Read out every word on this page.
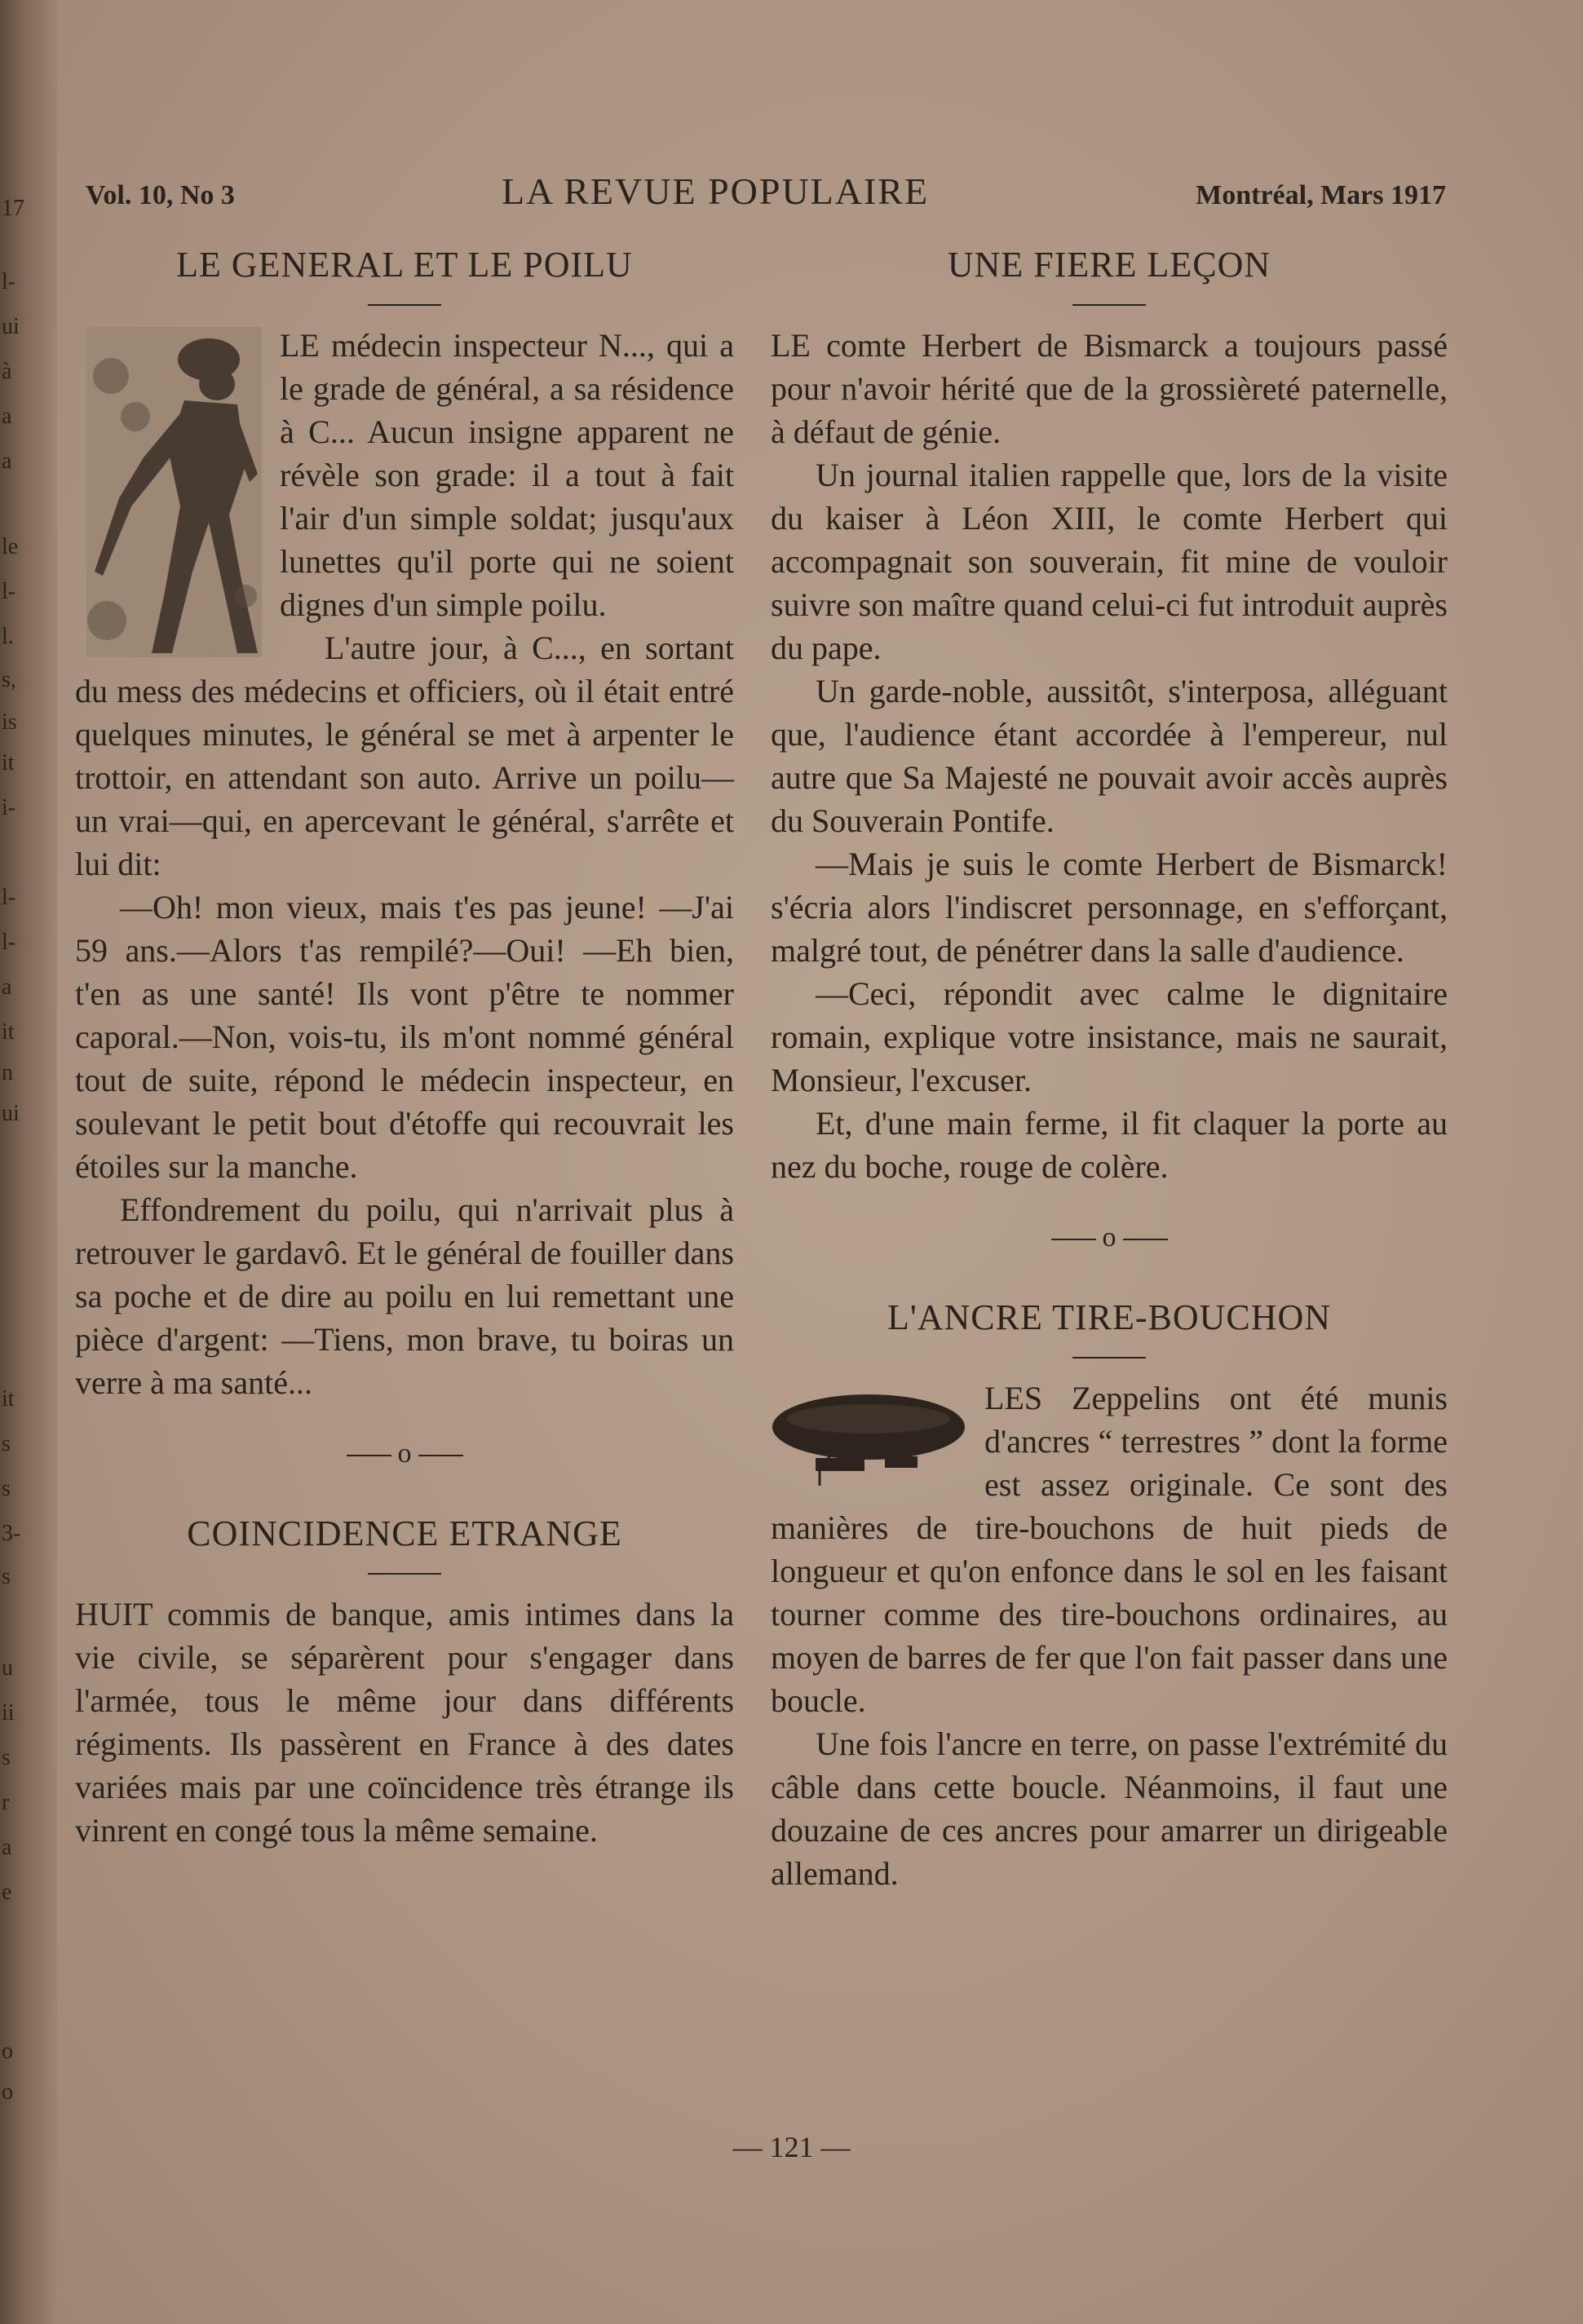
17
l-
ui
à
a
a
le
l-
l.
s,
is
it
i-
l-
l-
a
it
n
ui
it
s
s
3-
s
u
ii
s
r
a
e
o
o
Vol. 10, No 3	LA REVUE POPULAIRE	Montréal, Mars 1917
LE GENERAL ET LE POILU

LE médecin inspecteur N..., qui a le grade de général, a sa résidence à C... Aucun insigne apparent ne révèle son grade: il a tout à fait l'air d'un simple soldat; jusqu'aux lunettes qu'il porte qui ne soient dignes d'un simple poilu.

L'autre jour, à C..., en sortant du mess des médecins et officiers, où il était entré quelques minutes, le général se met à arpenter le trottoir, en attendant son auto. Arrive un poilu—un vrai—qui, en apercevant le général, s'arrête et lui dit:

—Oh! mon vieux, mais t'es pas jeune! —J'ai 59 ans.—Alors t'as rempilé?—Oui! —Eh bien, t'en as une santé! Ils vont p'être te nommer caporal.—Non, vois-tu, ils m'ont nommé général tout de suite, répond le médecin inspecteur, en soulevant le petit bout d'étoffe qui recouvrait les étoiles sur la manche.

Effondrement du poilu, qui n'arrivait plus à retrouver le gardavô. Et le général de fouiller dans sa poche et de dire au poilu en lui remettant une pièce d'argent: —Tiens, mon brave, tu boiras un verre à ma santé...

o
COINCIDENCE ETRANGE

HUIT commis de banque, amis intimes dans la vie civile, se séparèrent pour s'engager dans l'armée, tous le même jour dans différents régiments. Ils passèrent en France à des dates variées mais par une coïncidence très étrange ils vinrent en congé tous la même semaine.

UNE FIERE LEÇON

LE comte Herbert de Bismarck a toujours passé pour n'avoir hérité que de la grossièreté paternelle, à défaut de génie.

Un journal italien rappelle que, lors de la visite du kaiser à Léon XIII, le comte Herbert qui accompagnait son souverain, fit mine de vouloir suivre son maître quand celui-ci fut introduit auprès du pape.

Un garde-noble, aussitôt, s'interposa, alléguant que, l'audience étant accordée à l'empereur, nul autre que Sa Majesté ne pouvait avoir accès auprès du Souverain Pontife.

—Mais je suis le comte Herbert de Bismarck! s'écria alors l'indiscret personnage, en s'efforçant, malgré tout, de pénétrer dans la salle d'audience.

—Ceci, répondit avec calme le dignitaire romain, explique votre insistance, mais ne saurait, Monsieur, l'excuser.

Et, d'une main ferme, il fit claquer la porte au nez du boche, rouge de colère.

o
L'ANCRE TIRE-BOUCHON

LES Zeppelins ont été munis d'ancres “ terrestres ” dont la forme est assez originale. Ce sont des manières de tire-bouchons de huit pieds de longueur et qu'on enfonce dans le sol en les faisant tourner comme des tire-bouchons ordinaires, au moyen de barres de fer que l'on fait passer dans une boucle.

Une fois l'ancre en terre, on passe l'extrémité du câble dans cette boucle. Néanmoins, il faut une douzaine de ces ancres pour amarrer un dirigeable allemand.

— 121 —
